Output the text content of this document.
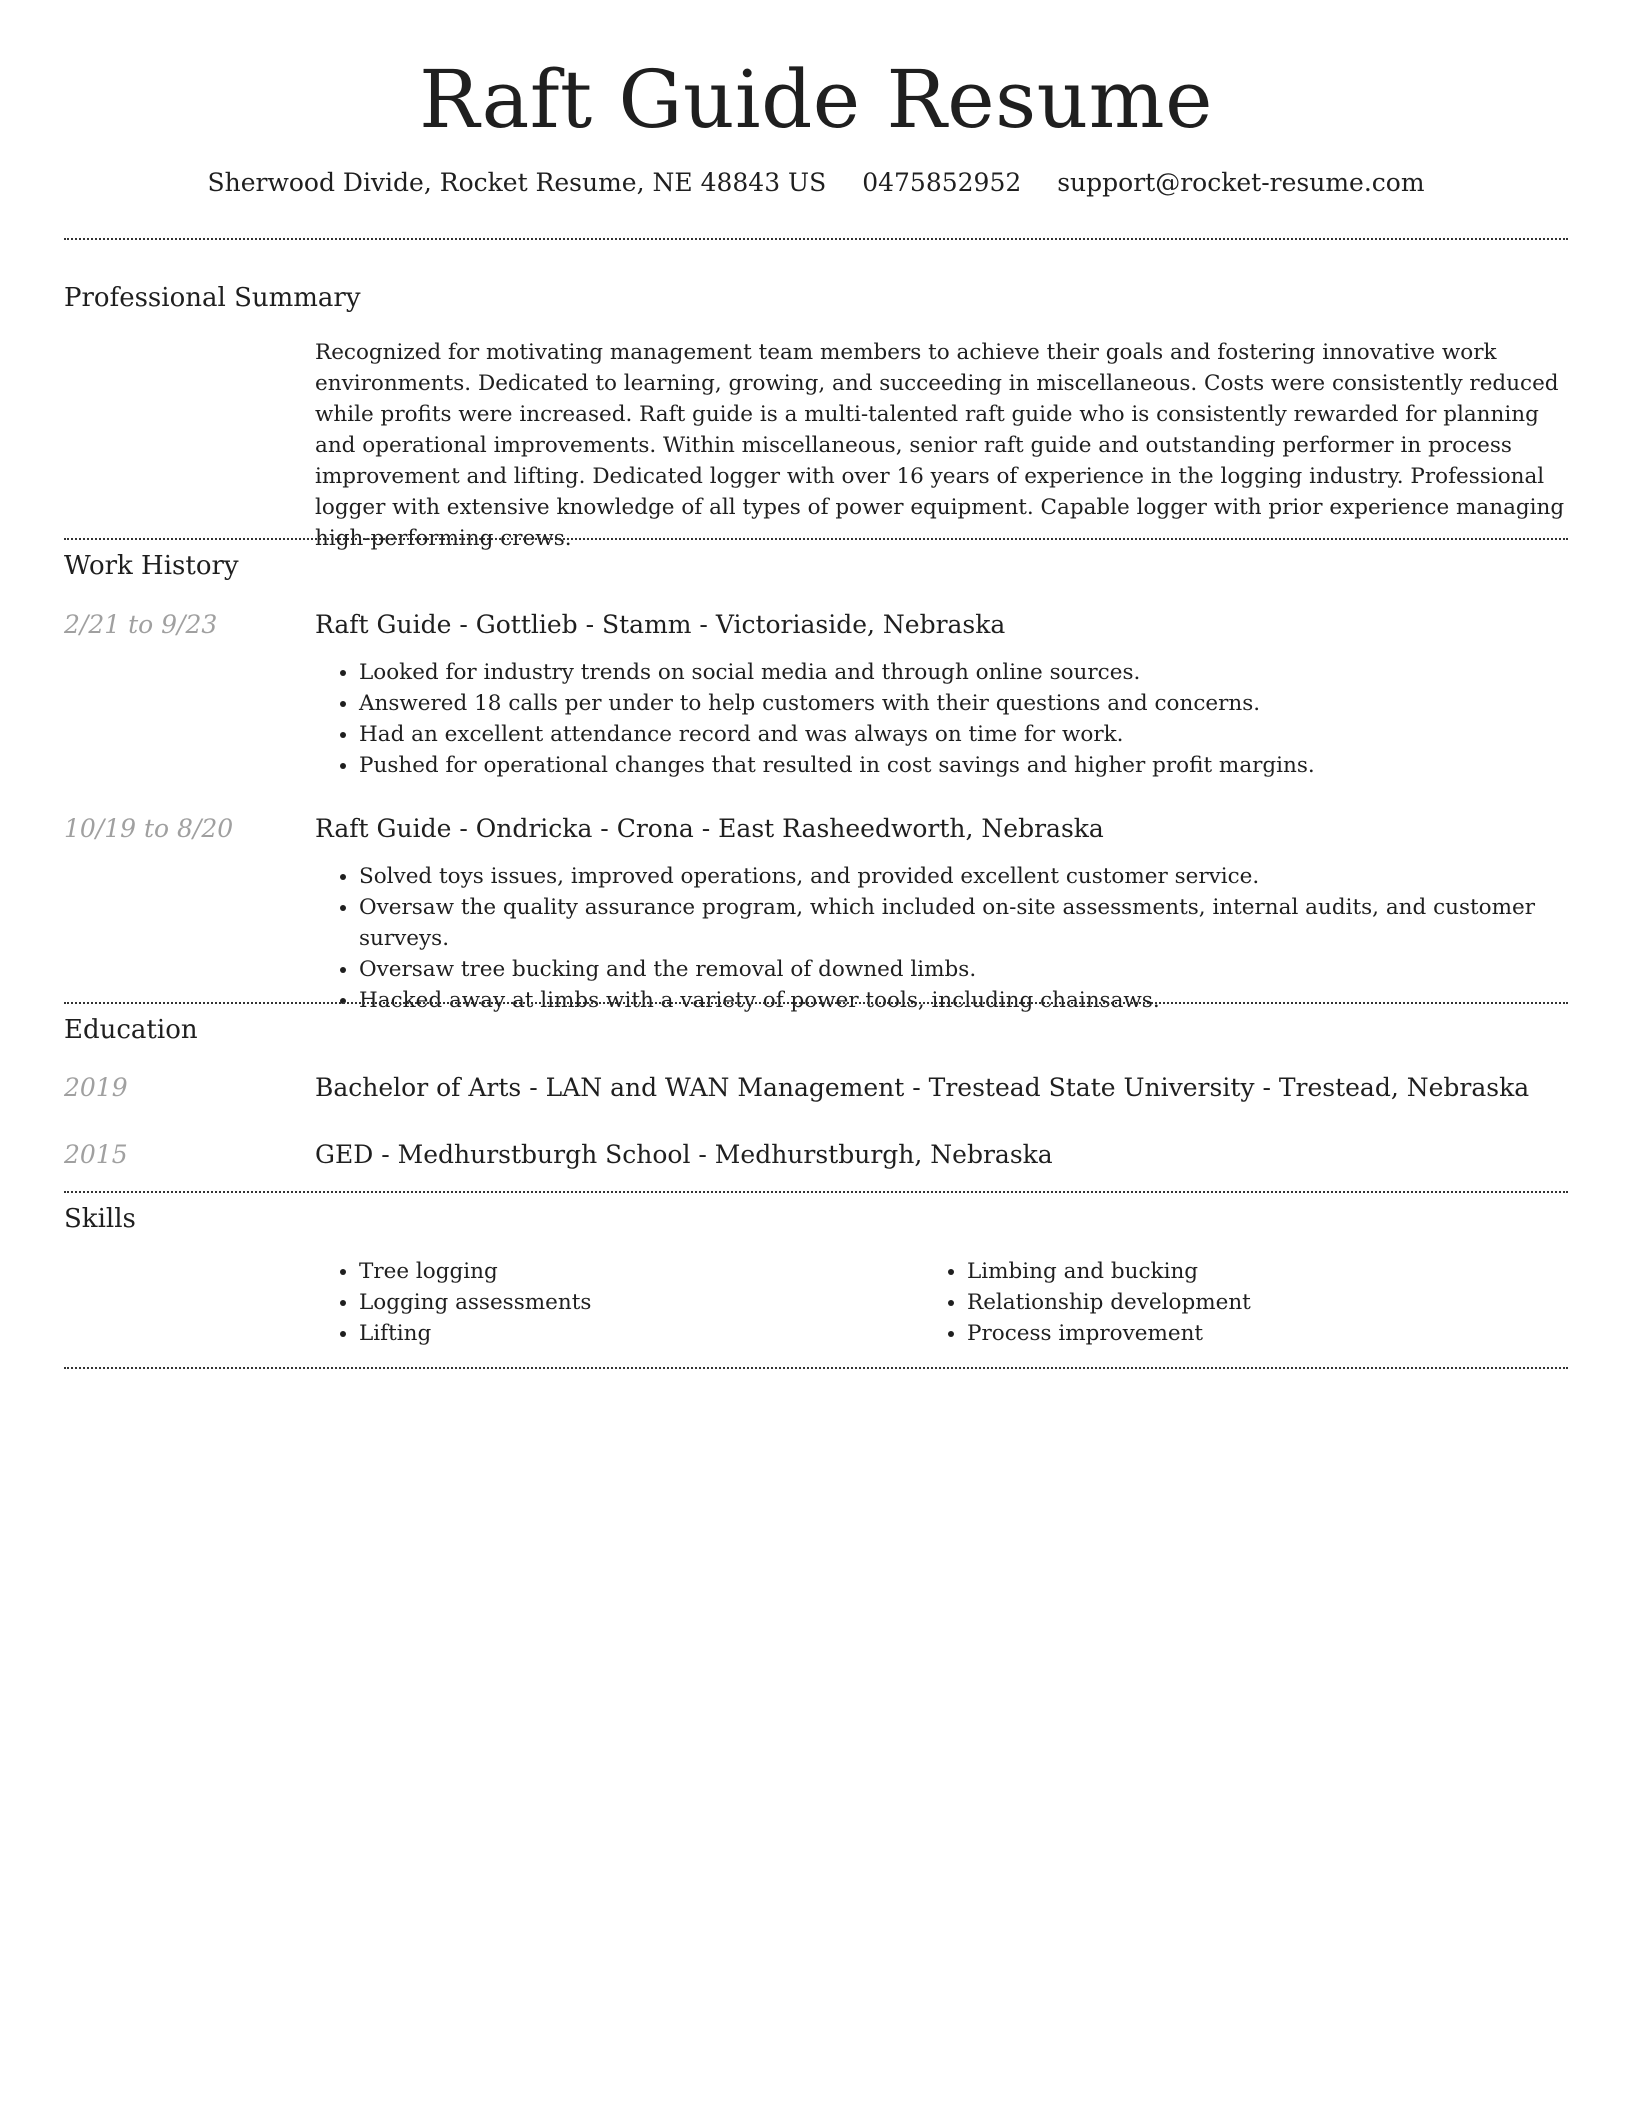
Raft Guide Resume
Sherwood Divide, Rocket Resume, NE 48843 US 0475852952 support@rocket-resume.com
Professional Summary
Recognized for motivating management team members to achieve their goals and fostering innovative work environments. Dedicated to learning, growing, and succeeding in miscellaneous. Costs were consistently reduced while profits were increased. Raft guide is a multi-talented raft guide who is consistently rewarded for planning and operational improvements. Within miscellaneous, senior raft guide and outstanding performer in process improvement and lifting. Dedicated logger with over 16 years of experience in the logging industry. Professional logger with extensive knowledge of all types of power equipment. Capable logger with prior experience managing high-performing crews.
Work History
2/21 to 9/23	Raft Guide - Gottlieb - Stamm - Victoriaside, Nebraska
• Looked for industry trends on social media and through online sources.
• Answered 18 calls per under to help customers with their questions and concerns.
• Had an excellent attendance record and was always on time for work.
• Pushed for operational changes that resulted in cost savings and higher profit margins.
10/19 to 8/20	Raft Guide - Ondricka - Crona - East Rasheedworth, Nebraska
• Solved toys issues, improved operations, and provided excellent customer service.
• Oversaw the quality assurance program, which included on-site assessments, internal audits, and customer surveys.
• Oversaw tree bucking and the removal of downed limbs.
• Hacked away at limbs with a variety of power tools, including chainsaws.
Education
2019	Bachelor of Arts - LAN and WAN Management - Trestead State University - Trestead, Nebraska
2015	GED - Medhurstburgh School - Medhurstburgh, Nebraska
Skills
• Tree logging
• Logging assessments
• Lifting
• Limbing and bucking
• Relationship development
• Process improvement
